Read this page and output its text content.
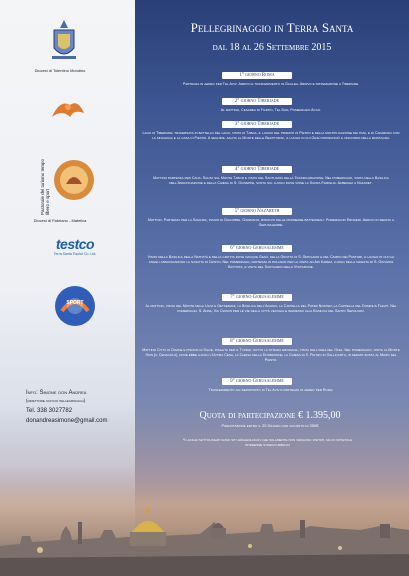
Diocesi di Tolentino Mondino
Pastorale del turismo tempo libero e sport
Diocesi di Fabriano - Matelica
testco
Terra Santa Tourist Co. Ltd.
SPORT
Info: Simone don Andrea
(direttore ufficio pellegrinaggi)
Tel. 338 3027782
donandreasimone@gmail.com
Pellegrinaggio in Terra Santa
dal 18 al 26 Settembre 2015
1° giorno Roma
Partenza in aereo per Tel Aviv. Arrivo e trasferimento in Galilea. Arrivo e sistemazione a Tiberiade.
2° giorno Tiberiade
Al mattino, Cesarea di Filippo, Tel Dan, Pomeriggio Acco.
3° giorno Tiberiade
Lago di Tiberiade: traversata in battello del lago, visita di Tabga, il luogo del primato di Pietro e della moltiplicazione dei pani, e di Cafarnao con la sinagoga e la casa di Pietro. A seguire, salita al Monte delle Beatitudini, il luogo in cui Gesù pronunciò il discorso della montagna.
4° giorno Tiberiade
Mattino partenza per Cana. Salita sul Monte Tabor e visita del Santuario della Trasfigurazione. Nel pomeriggio, visita della Basilica dell'Annunciazione e della Chiesa di S. Giuseppe, sosta sul luogo dove visse la Sacra Famiglia. Alberghi a Nazaret.
5° giorno Nazareth
Mattino. Partenza per la Samaria, pozzo di Giacobbe. Giordano, rinnovo delle promesse battesimali. Pomeriggio Ebodeir. Arrivo in serata a Gerusalemme.
6° giorno Gerusalemme
Visita della Basilica della Natività e della grotta dove nacque Gesù, della Grotta di S. Girolamo e del Campo dei Pastori, il luogo in cui gli angeli annunciarono la nascita di Cristo. Nel pomeriggio, partenza in pullman per la visita ad Ain Karem, luogo della nascita di S. Giovanni Battista, e visita del Santuario della Visitazione.
7° giorno Gerusalemme
Al mattino, visita del Monte degli Ulivi e Getsemani, la Basilica dell'Agonia, la Cappella del Pater Noster, la Cappella del Dominus Flevit. Nel pomeriggio, S. Anna, Via Crucis per le vie della città vecchia e ingresso alla Basilica del Santo Sepolcro.
8° giorno Gerusalemme
Mattino Città di Davide e piscina di Siloe, risalita per il Tyrrhi, sotto la strada erodiana, visita dell'area del Ofel. Nel pomeriggio, visita al Monte Sion (il Cenacolo), dove ebbe luogo l'Ultima Cena, la Chiesa della Dormizione, la Chiesa di S. Pietro in Gallicantu, in serata sosta al Muro del Pianto.
9° giorno Gerusalemme
Trasferimento all'aeroporto di Tel Aviv e partenza in aereo per Roma.
Quota di partecipazione € 1.395,00
Prenotazione entro il 20 Giugno con acconto di 350€
*I luoghi sottolineati sono siti archeologici che solamente non vengono visitati, ma di notevole interesse storico-biblico
